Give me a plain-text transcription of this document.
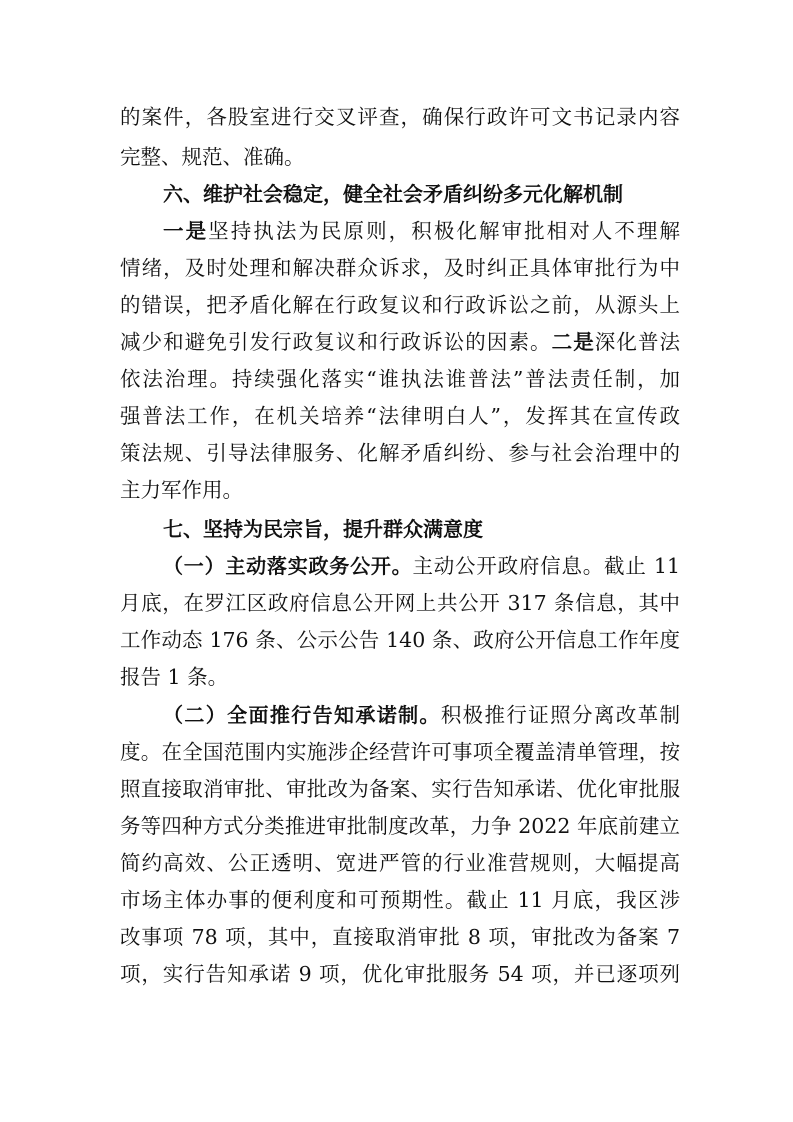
的案件，各股室进行交叉评查，确保行政许可文书记录内容
完整、规范、准确。
六、维护社会稳定，健全社会矛盾纠纷多元化解机制
一是坚持执法为民原则，积极化解审批相对人不理解
情绪，及时处理和解决群众诉求，及时纠正具体审批行为中
的错误，把矛盾化解在行政复议和行政诉讼之前，从源头上
减少和避免引发行政复议和行政诉讼的因素。二是深化普法
依法治理。持续强化落实“谁执法谁普法”普法责任制，加
强普法工作，在机关培养“法律明白人”，发挥其在宣传政
策法规、引导法律服务、化解矛盾纠纷、参与社会治理中的
主力军作用。
七、坚持为民宗旨，提升群众满意度
（一）主动落实政务公开。主动公开政府信息。截止 11
月底，在罗江区政府信息公开网上共公开 317 条信息，其中
工作动态 176 条、公示公告 140 条、政府公开信息工作年度
报告 1 条。
（二）全面推行告知承诺制。积极推行证照分离改革制
度。在全国范围内实施涉企经营许可事项全覆盖清单管理，按
照直接取消审批、审批改为备案、实行告知承诺、优化审批服
务等四种方式分类推进审批制度改革，力争 2022 年底前建立
简约高效、公正透明、宽进严管的行业准营规则，大幅提高
市场主体办事的便利度和可预期性。截止 11 月底，我区涉
改事项 78 项，其中，直接取消审批 8 项，审批改为备案 7
项，实行告知承诺 9 项，优化审批服务 54 项，并已逐项列
